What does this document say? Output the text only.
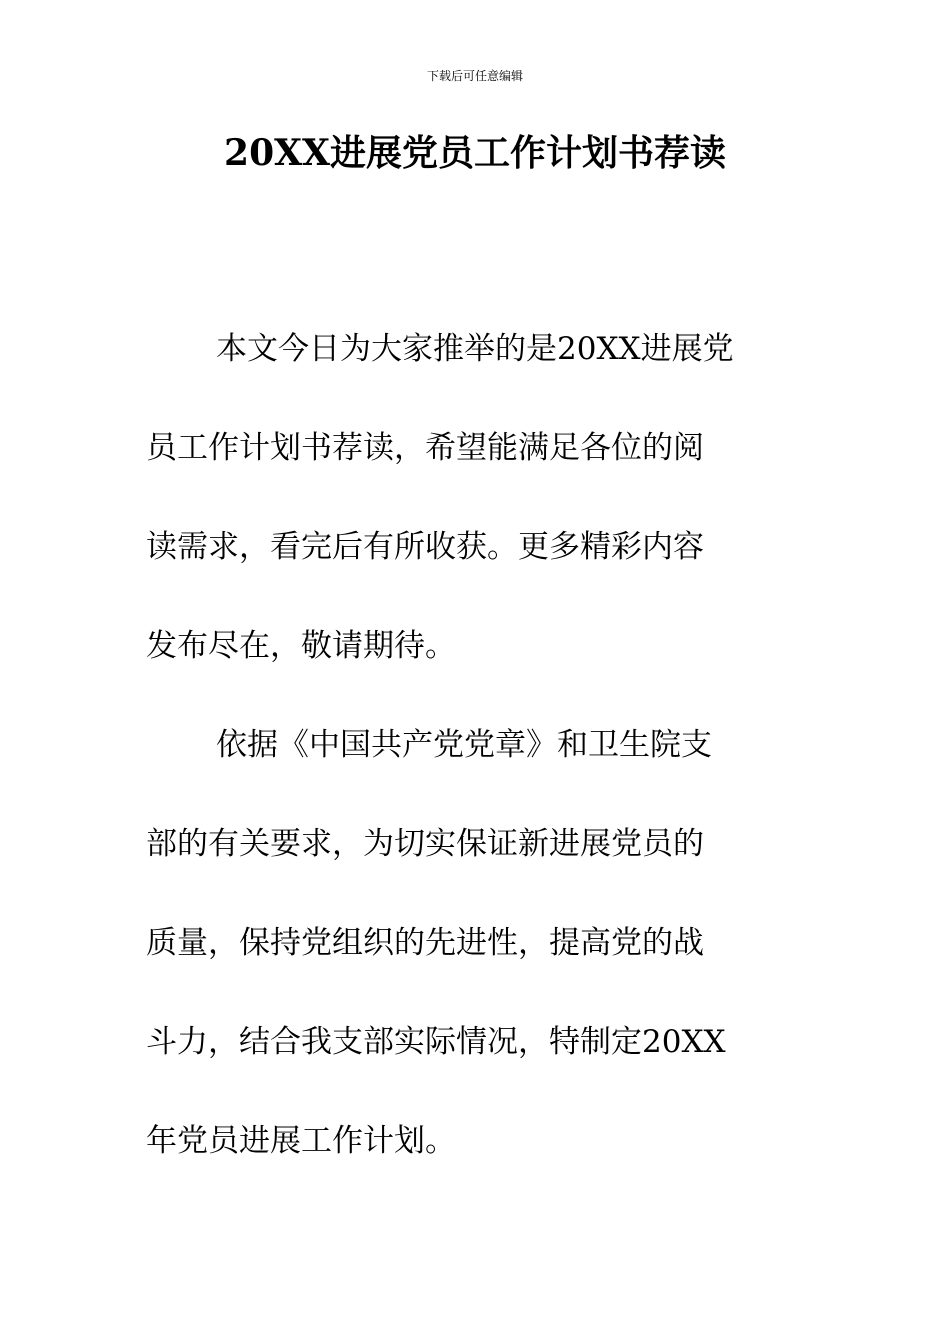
下载后可任意编辑
20XX进展党员工作计划书荐读
本文今日为大家推举的是20XX进展党
员工作计划书荐读，希望能满足各位的阅
读需求，看完后有所收获。更多精彩内容
发布尽在，敬请期待。
依据《中国共产党党章》和卫生院支
部的有关要求，为切实保证新进展党员的
质量，保持党组织的先进性，提高党的战
斗力，结合我支部实际情况，特制定20XX
年党员进展工作计划。
